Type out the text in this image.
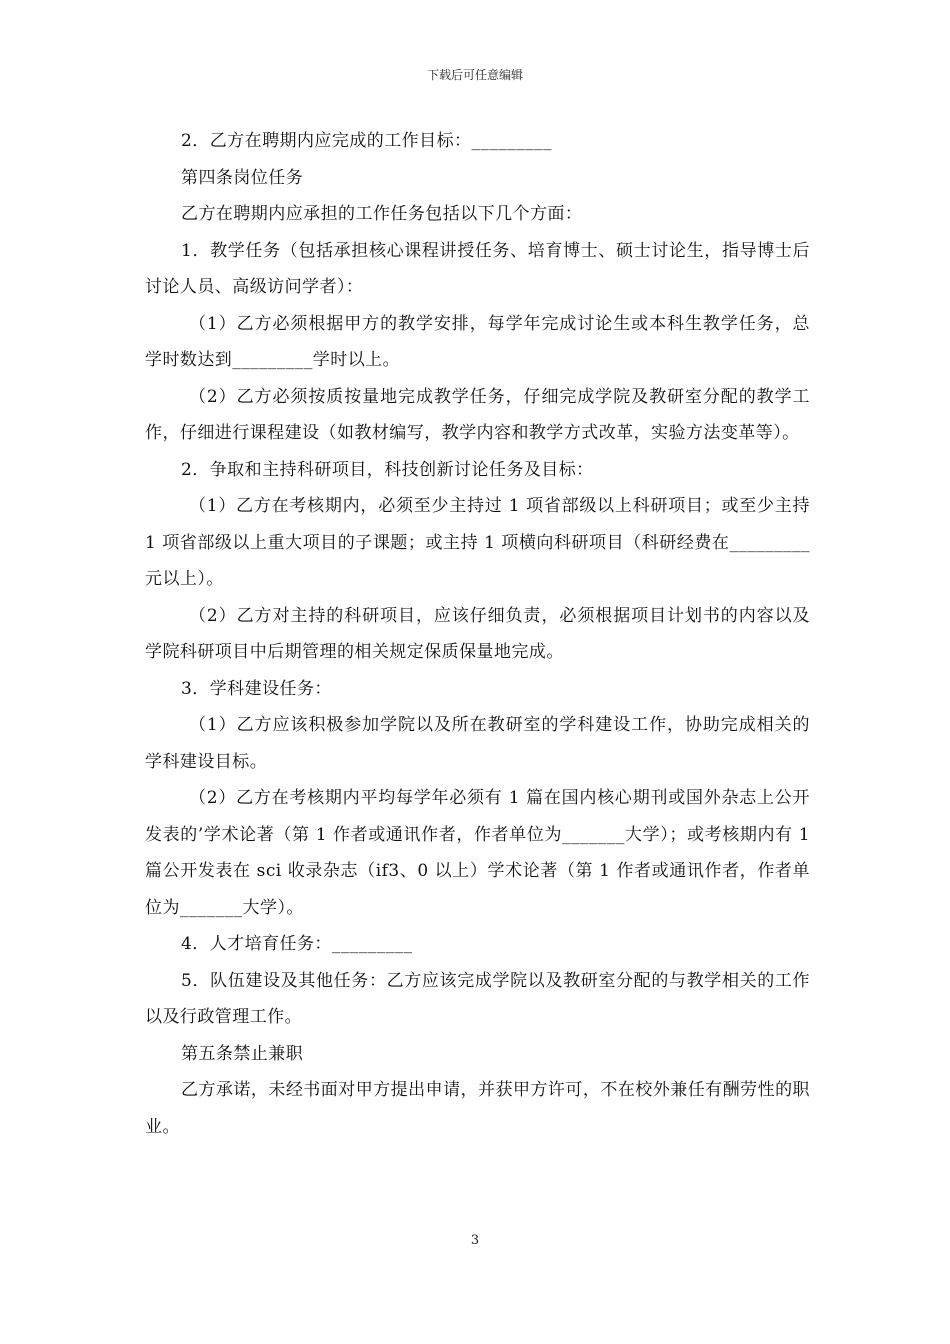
下载后可任意编辑

2．乙方在聘期内应完成的工作目标：_________

第四条岗位任务

乙方在聘期内应承担的工作任务包括以下几个方面：

1．教学任务（包括承担核心课程讲授任务、培育博士、硕士讨论生，指导博士后讨论人员、高级访问学者）：

（1）乙方必须根据甲方的教学安排，每学年完成讨论生或本科生教学任务，总学时数达到_________学时以上。

（2）乙方必须按质按量地完成教学任务，仔细完成学院及教研室分配的教学工作，仔细进行课程建设（如教材编写，教学内容和教学方式改革，实验方法变革等）。

2．争取和主持科研项目，科技创新讨论任务及目标：

（1）乙方在考核期内，必须至少主持过 1 项省部级以上科研项目；或至少主持 1 项省部级以上重大项目的子课题；或主持 1 项横向科研项目（科研经费在_________元以上）。

（2）乙方对主持的科研项目，应该仔细负责，必须根据项目计划书的内容以及学院科研项目中后期管理的相关规定保质保量地完成。

3．学科建设任务：

（1）乙方应该积极参加学院以及所在教研室的学科建设工作，协助完成相关的学科建设目标。

（2）乙方在考核期内平均每学年必须有 1 篇在国内核心期刊或国外杂志上公开发表的’学术论著（第 1 作者或通讯作者，作者单位为_______大学）；或考核期内有 1 篇公开发表在 sci 收录杂志（if3、0 以上）学术论著（第 1 作者或通讯作者，作者单位为_______大学）。

4．人才培育任务：_________

5．队伍建设及其他任务：乙方应该完成学院以及教研室分配的与教学相关的工作以及行政管理工作。

第五条禁止兼职

乙方承诺，未经书面对甲方提出申请，并获甲方许可，不在校外兼任有酬劳性的职业。

3
